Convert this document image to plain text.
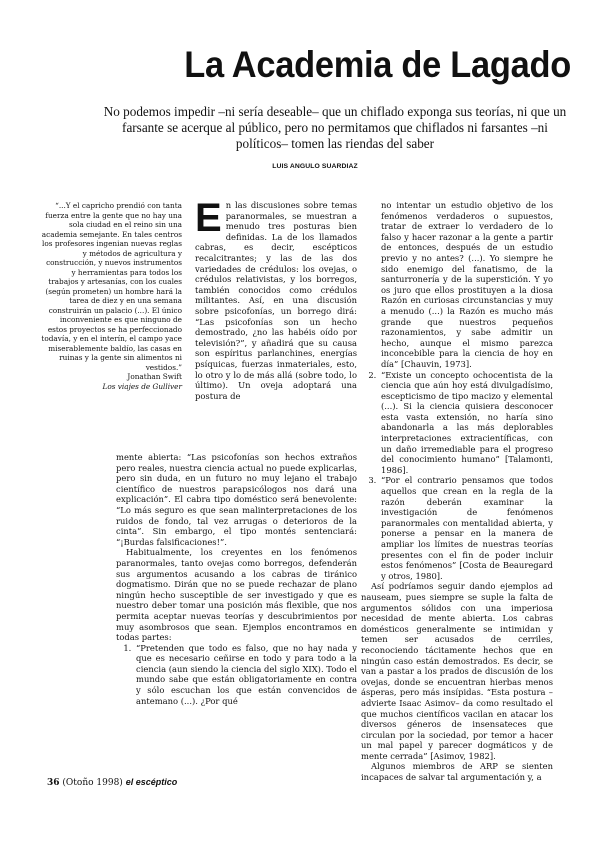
La Academia de Lagado
No podemos impedir –ni sería deseable– que un chiflado exponga sus teorías, ni que un farsante se acerque al público, pero no permitamos que chiflados ni farsantes –ni políticos– tomen las riendas del saber
LUIS ANGULO SUARDIAZ
“...Y el capricho prendió con tanta fuerza entre la gente que no hay una sola ciudad en el reino sin una academia semejante. En tales centros los profesores ingenian nuevas reglas y métodos de agricultura y construcción, y nuevos instrumentos y herramientas para todos los trabajos y artesanías, con los cuales (según prometen) un hombre hará la tarea de diez y en una semana construirán un palacio (...). El único inconveniente es que ninguno de estos proyectos se ha perfeccionado todavía, y en el interín, el campo yace miserablemente baldío, las casas en ruinas y la gente sin alimentos ni vestidos.”
Jonathan Swift
Los viajes de Gulliver
E n las discusiones sobre temas paranormales, se muestran a menudo tres posturas bien definidas. La de los llamados cabras, es decir, escépticos recalcitrantes; y las de las dos variedades de crédulos: los ovejas, o crédulos relativistas, y los borregos, también conocidos como crédulos militantes. Así, en una discusión sobre psicofonías, un borrego dirá: “Las psicofonías son un hecho demostrado, ¿no las habéis oído por televisión?”, y añadirá que su causa son espíritus parlanchines, energías psíquicas, fuerzas inmateriales, esto, lo otro y lo de más allá (sobre todo, lo último). Un oveja adoptará una postura de

mente abierta: “Las psicofonías son hechos extraños pero reales, nuestra ciencia actual no puede explicarlas, pero sin duda, en un futuro no muy lejano el trabajo científico de nuestros parapsicólogos nos dará una explicación”. El cabra tipo doméstico será benevolente: “Lo más seguro es que sean malinterpretaciones de los ruidos de fondo, tal vez arrugas o deterioros de la cinta”. Sin embargo, el tipo montés sentenciará: “¡Burdas falsificaciones!”.

Habitualmente, los creyentes en los fenómenos paranormales, tanto ovejas como borregos, defenderán sus argumentos acusando a los cabras de tiránico dogmatismo. Dirán que no se puede rechazar de plano ningún hecho susceptible de ser investigado y que es nuestro deber tomar una posición más flexible, que nos permita aceptar nuevas teorías y descubrimientos por muy asombrosos que sean. Ejemplos encontramos en todas partes:

1. “Pretenden que todo es falso, que no hay nada y que es necesario ceñirse en todo y para todo a la ciencia (aun siendo la ciencia del siglo XIX). Todo el mundo sabe que están obligatoriamente en contra y sólo escuchan los que están convencidos de antemano (...). ¿Por qué
no intentar un estudio objetivo de los fenómenos verdaderos o supuestos, tratar de extraer lo verdadero de lo falso y hacer razonar a la gente a partir de entonces, después de un estudio previo y no antes? (...). Yo siempre he sido enemigo del fanatismo, de la santurronería y de la superstición. Y yo os juro que ellos prostituyen a la diosa Razón en curiosas circunstancias y muy a menudo (...) la Razón es mucho más grande que nuestros pequeños razonamientos, y sabe admitir un hecho, aunque el mismo parezca inconcebible para la ciencia de hoy en día” [Chauvin, 1973].
2. “Existe un concepto ochocentista de la ciencia que aún hoy está divulgadísimo, escepticismo de tipo macizo y elemental (...). Si la ciencia quisiera desconocer esta vasta extensión, no haría sino abandonarla a las más deplorables interpretaciones extracientíficas, con un daño irremediable para el progreso del conocimiento humano” [Talamonti, 1986].
3. “Por el contrario pensamos que todos aquellos que crean en la regla de la razón deberán examinar la investigación de fenómenos paranormales con mentalidad abierta, y ponerse a pensar en la manera de ampliar los límites de nuestras teorías presentes con el fin de poder incluir estos fenómenos” [Costa de Beauregard y otros, 1980].

Así podríamos seguir dando ejemplos ad nauseam, pues siempre se suple la falta de argumentos sólidos con una imperiosa necesidad de mente abierta. Los cabras domésticos generalmente se intimidan y temen ser acusados de cerriles, reconociendo tácitamente hechos que en ningún caso están demostrados. Es decir, se van a pastar a los prados de discusión de los ovejas, donde se encuentran hierbas menos ásperas, pero más insípidas. “Esta postura –advierte Isaac Asimov– da como resultado el que muchos científicos vacilan en atacar los diversos géneros de insensateces que circulan por la sociedad, por temor a hacer un mal papel y parecer dogmáticos y de mente cerrada” [Asimov, 1982].

Algunos miembros de ARP se sienten incapaces de salvar tal argumentación y, a

36 (Otoño 1998) el escéptico
